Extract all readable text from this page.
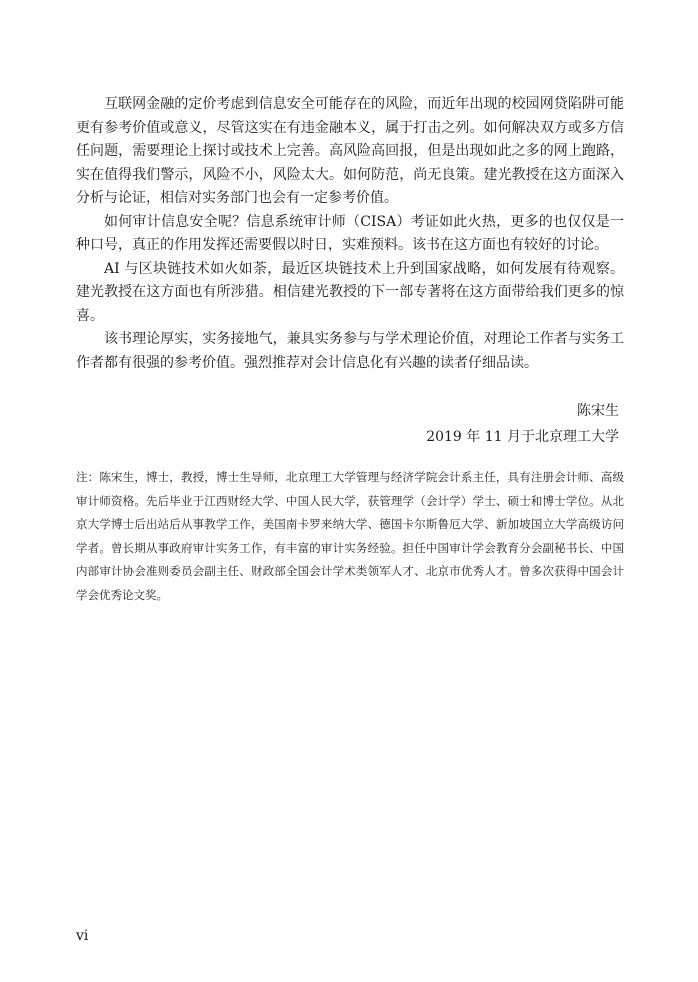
互联网金融的定价考虑到信息安全可能存在的风险，而近年出现的校园网贷陷阱可能更有参考价值或意义，尽管这实在有违金融本义，属于打击之列。如何解决双方或多方信任问题，需要理论上探讨或技术上完善。高风险高回报，但是出现如此之多的网上跑路，实在值得我们警示，风险不小，风险太大。如何防范，尚无良策。建光教授在这方面深入分析与论证，相信对实务部门也会有一定参考价值。

如何审计信息安全呢？信息系统审计师（CISA）考证如此火热，更多的也仅仅是一种口号，真正的作用发挥还需要假以时日，实难预料。该书在这方面也有较好的讨论。

AI 与区块链技术如火如荼，最近区块链技术上升到国家战略，如何发展有待观察。建光教授在这方面也有所涉猎。相信建光教授的下一部专著将在这方面带给我们更多的惊喜。

该书理论厚实，实务接地气，兼具实务参与与学术理论价值，对理论工作者与实务工作者都有很强的参考价值。强烈推荐对会计信息化有兴趣的读者仔细品读。

陈宋生

2019 年 11 月于北京理工大学

注：陈宋生，博士，教授，博士生导师，北京理工大学管理与经济学院会计系主任，具有注册会计师、高级审计师资格。先后毕业于江西财经大学、中国人民大学，获管理学（会计学）学士、硕士和博士学位。从北京大学博士后出站后从事教学工作，美国南卡罗来纳大学、德国卡尔斯鲁厄大学、新加坡国立大学高级访问学者。曾长期从事政府审计实务工作，有丰富的审计实务经验。担任中国审计学会教育分会副秘书长、中国内部审计协会准则委员会副主任、财政部全国会计学术类领军人才、北京市优秀人才。曾多次获得中国会计学会优秀论文奖。

vi
